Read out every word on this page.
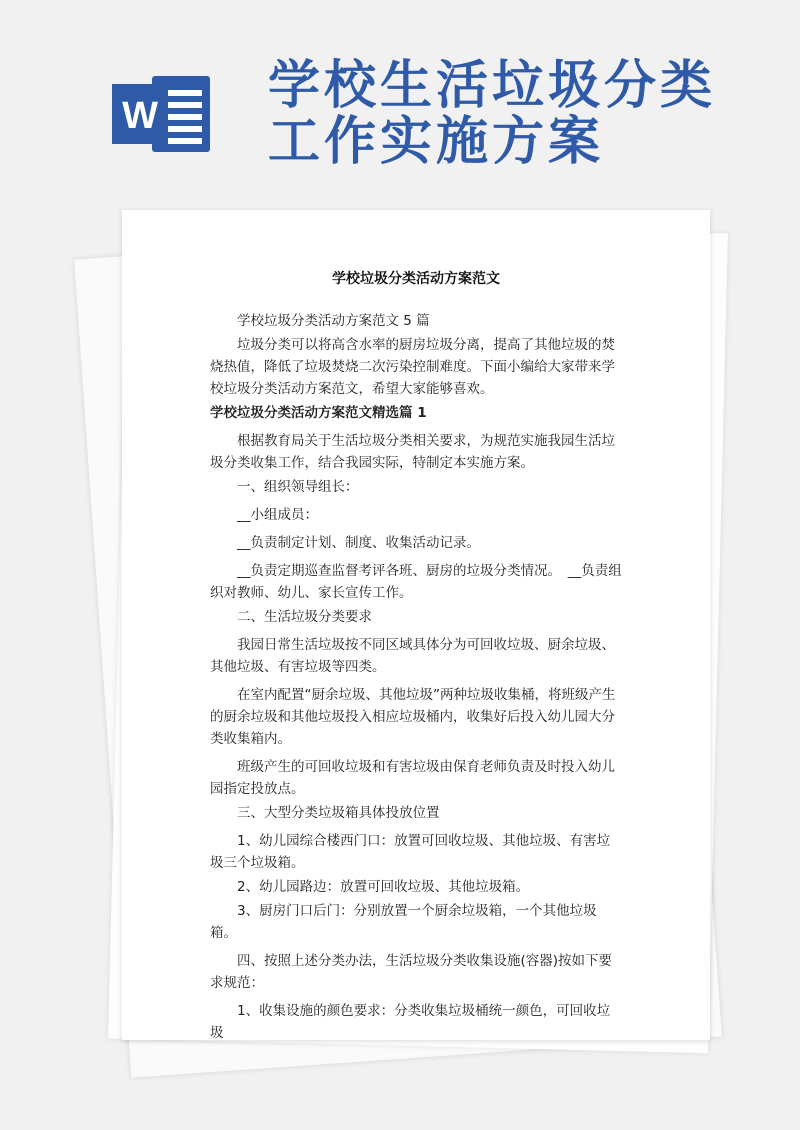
W 学校生活垃圾分类
工作实施方案
学校垃圾分类活动方案范文

学校垃圾分类活动方案范文 5 篇

垃圾分类可以将高含水率的厨房垃圾分离，提高了其他垃圾的焚烧热值，降低了垃圾焚烧二次污染控制难度。下面小编给大家带来学校垃圾分类活动方案范文，希望大家能够喜欢。

学校垃圾分类活动方案范文精选篇 1

根据教育局关于生活垃圾分类相关要求，为规范实施我园生活垃圾分类收集工作，结合我园实际，特制定本实施方案。

一、组织领导组长：

__小组成员：

__负责制定计划、制度、收集活动记录。

__负责定期巡查监督考评各班、厨房的垃圾分类情况。　__负责组织对教师、幼儿、家长宣传工作。

二、生活垃圾分类要求

我园日常生活垃圾按不同区域具体分为可回收垃圾、厨余垃圾、其他垃圾、有害垃圾等四类。

在室内配置“厨余垃圾、其他垃圾”两种垃圾收集桶，将班级产生的厨余垃圾和其他垃圾投入相应垃圾桶内，收集好后投入幼儿园大分类收集箱内。

班级产生的可回收垃圾和有害垃圾由保育老师负责及时投入幼儿园指定投放点。

三、大型分类垃圾箱具体投放位置

1、幼儿园综合楼西门口：放置可回收垃圾、其他垃圾、有害垃圾三个垃圾箱。

2、幼儿园路边：放置可回收垃圾、其他垃圾箱。

3、厨房门口后门：分别放置一个厨余垃圾箱，一个其他垃圾箱。

四、按照上述分类办法，生活垃圾分类收集设施(容器)按如下要求规范：

1、收集设施的颜色要求：分类收集垃圾桶统一颜色，可回收垃圾
